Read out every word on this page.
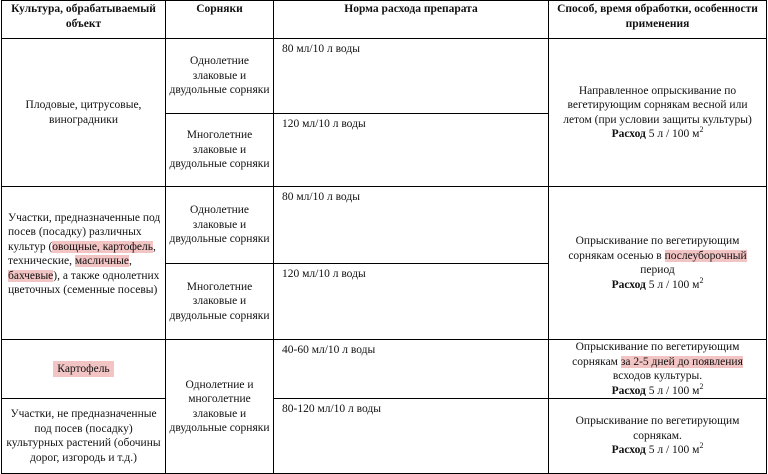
Культура, обрабатываемый объект	Сорняки	Норма расхода препарата	Способ, время обработки, особенности применения
Плодовые, цитрусовые, виноградники	Однолетние злаковые и двудольные сорняки	80 мл/10 л воды	Направленное опрыскивание по вегетирующим сорнякам весной или летом (при условии защиты культуры)
Расход 5 л / 100 $м^2$
	Многолетние злаковые и двудольные сорняки	120 мл/10 л воды	
Участки, предназначенные под посев (посадку) различных культур (овощные, картофель, технические, масличные, бахчевые), а также однолетних цветочных (семенные посевы)	Однолетние злаковые и двудольные сорняки	80 мл/10 л воды	Опрыскивание по вегетирующим сорнякам осенью в послеуборочный период
Расход 5 л / 100 $м^2$
	Многолетние злаковые и двудольные сорняки	120 мл/10 л воды	
Картофель	Однолетние и многолетние злаковые и двудольные сорняки	40-60 мл/10 л воды	Опрыскивание по вегетирующим сорнякам за 2-5 дней до появления всходов культуры.
Расход 5 л / 100 $м^2$
Участки, не предназначенные под посев (посадку) культурных растений (обочины дорог, изгородь и т.д.)		80-120 мл/10 л воды	Опрыскивание по вегетирующим сорнякам.
Расход 5 л / 100 $м^2$
